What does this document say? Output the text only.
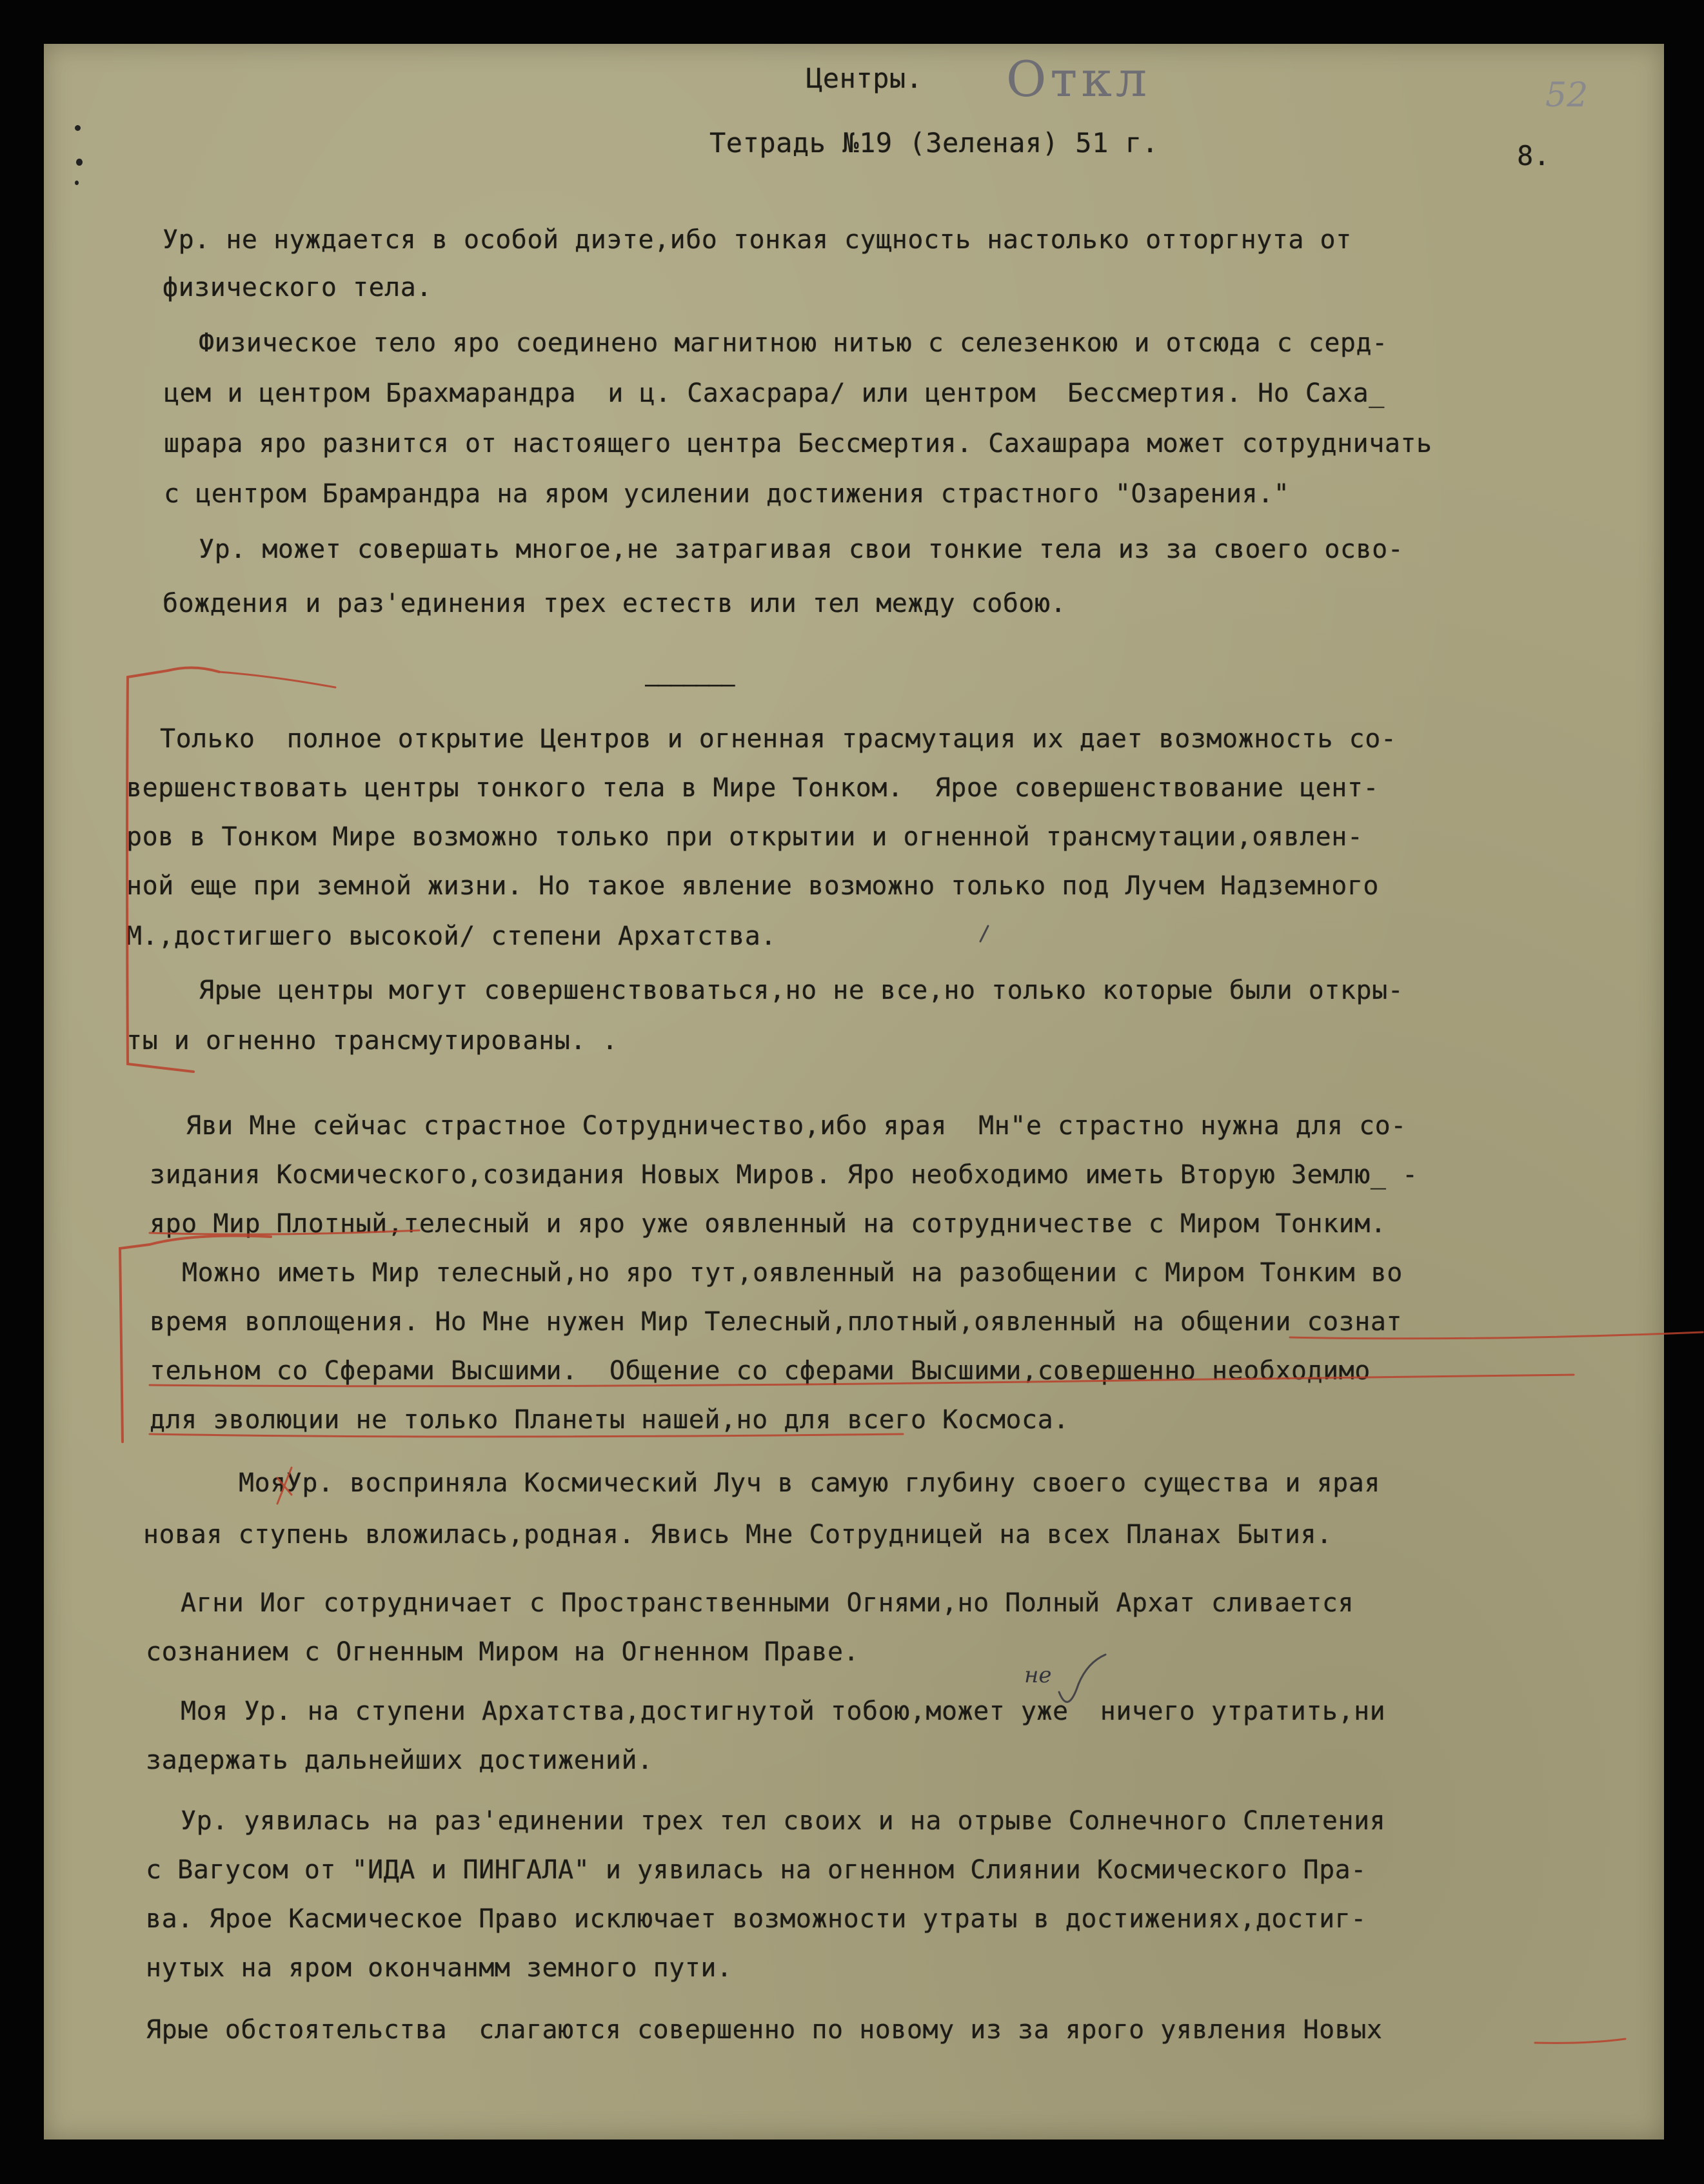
Центры. Откл	52
Тетрадь №19 (Зеленая) 51 г.	8.
Ур. не нуждается в особой диэте,ибо тонкая сущность настолько отторгнута от
физического тела.
Физическое тело яро соединено магнитною нитью с селезенкою и отсюда с серд-
цем и центром Брахмарандра  и ц. Сахасрара/ или центром  Бессмертия. Но Саха_
шрара яро разнится от настоящего центра Бессмертия. Сахашрара может сотрудничать
с центром Брамрандра на яром усилении достижения страстного "Озарения."
Ур. может совершать многое,не затрагивая свои тонкие тела из за своего осво-
бождения и раз'единения трех естеств или тел между собою.
–––––––
Только  полное открытие Центров и огненная трасмутация их дает возможность со-
вершенствовать центры тонкого тела в Мире Тонком.  Ярое совершенствование цент-
ров в Тонком Мире возможно только при открытии и огненной трансмутации,оявлен-
ной еще при земной жизни. Но такое явление возможно только под Лучем Надземного
М.,достигшего высокой/ степени Архатства.
Ярые центры могут совершенствоваться,но не все,но только которые были откры-
ты и огненно трансмутированы. .
Яви Мне сейчас страстное Сотрудничество,ибо ярая  Мн"е страстно нужна для со-
зидания Космического,созидания Новых Миров. Яро необходимо иметь Вторую Землю_ -
яро Мир Плотный,телесный и яро уже оявленный на сотрудничестве с Миром Тонким.
Можно иметь Мир телесный,но яро тут,оявленный на разобщении с Миром Тонким во
время воплощения. Но Мне нужен Мир Телесный,плотный,оявленный на общении сознат
тельном со Сферами Высшими.  Общение со сферами Высшими,совершенно необходимо
для эволюции не только Планеты нашей,но для всего Космоса.
МояУр. восприняла Космический Луч в самую глубину своего существа и ярая
новая ступень вложилась,родная. Явись Мне Сотрудницей на всех Планах Бытия.
Агни Иог сотрудничает с Пространственными Огнями,но Полный Архат сливается
сознанием с Огненным Миром на Огненном Праве.
не
Моя Ур. на ступени Архатства,достигнутой тобою,может уже  ничего утратить,ни
задержать дальнейших достижений.
Ур. уявилась на раз'единении трех тел своих и на отрыве Солнечного Сплетения
с Вагусом от "ИДА и ПИНГАЛА" и уявилась на огненном Слиянии Космического Пра-
ва. Ярое Касмическое Право исключает возможности утраты в достижениях,достиг-
нутых на яром окончанмм земного пути.
Ярые обстоятельства  слагаются совершенно по новому из за ярого уявления Новых
